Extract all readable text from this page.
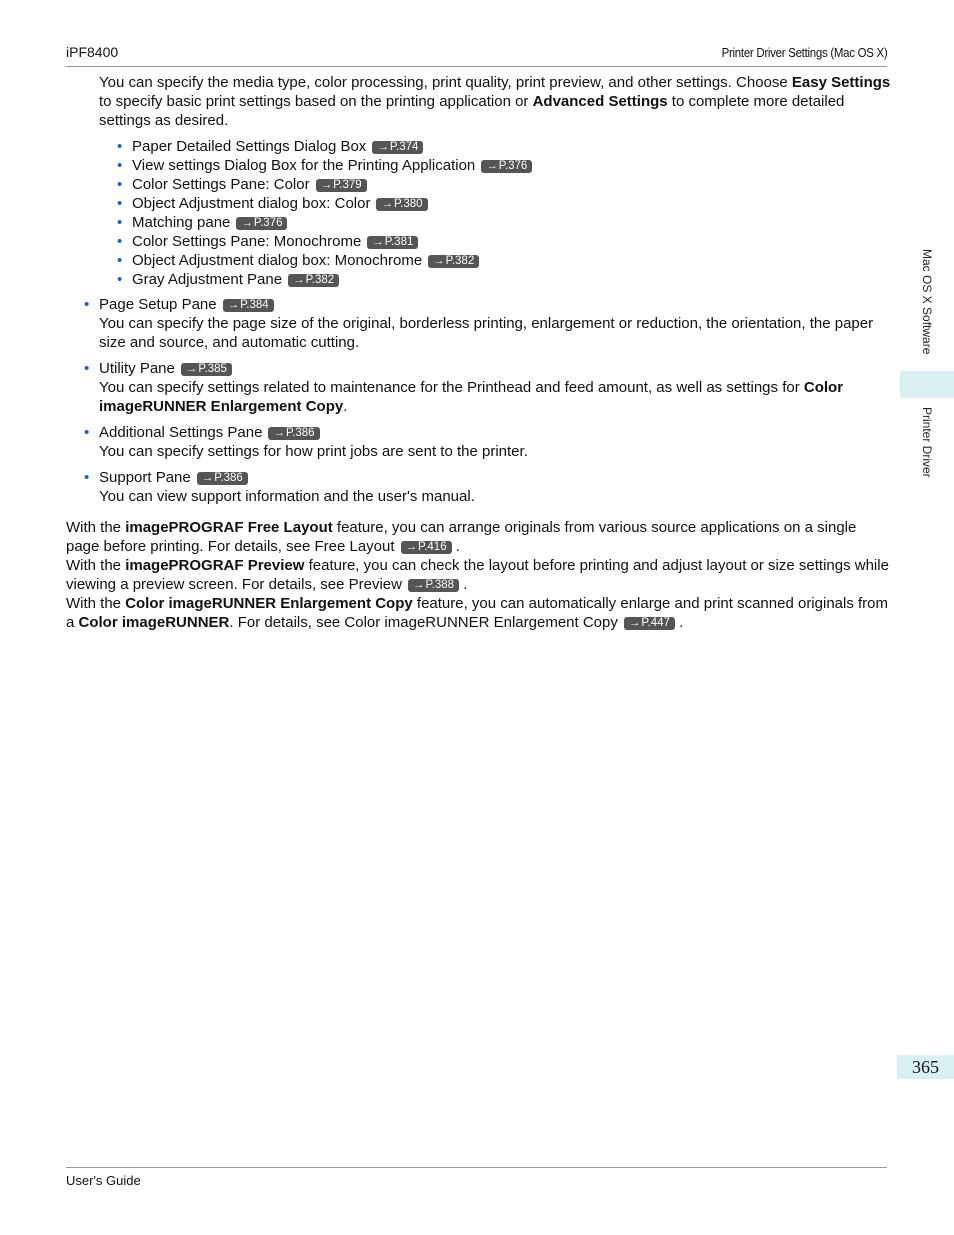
iPF8400	Printer Driver Settings (Mac OS X)

You can specify the media type, color processing, print quality, print preview, and other settings. Choose Easy Settings to specify basic print settings based on the printing application or Advanced Settings to complete more detailed settings as desired.

• Paper Detailed Settings Dialog Box →P.374
• View settings Dialog Box for the Printing Application →P.376
• Color Settings Pane: Color →P.379
• Object Adjustment dialog box: Color →P.380
• Matching pane →P.376
• Color Settings Pane: Monochrome →P.381
• Object Adjustment dialog box: Monochrome →P.382
• Gray Adjustment Pane →P.382
• Page Setup Pane →P.384
You can specify the page size of the original, borderless printing, enlargement or reduction, the orientation, the paper size and source, and automatic cutting.
• Utility Pane →P.385
You can specify settings related to maintenance for the Printhead and feed amount, as well as settings for Color imageRUNNER Enlargement Copy.
• Additional Settings Pane →P.386
You can specify settings for how print jobs are sent to the printer.
• Support Pane →P.386
You can view support information and the user's manual.

With the imagePROGRAF Free Layout feature, you can arrange originals from various source applications on a single page before printing. For details, see Free Layout →P.416 .

With the imagePROGRAF Preview feature, you can check the layout before printing and adjust layout or size settings while viewing a preview screen. For details, see Preview →P.388 .

With the Color imageRUNNER Enlargement Copy feature, you can automatically enlarge and print scanned originals from a Color imageRUNNER. For details, see Color imageRUNNER Enlargement Copy →P.447 .

Mac OS X Software
Printer Driver
365
User's Guide
